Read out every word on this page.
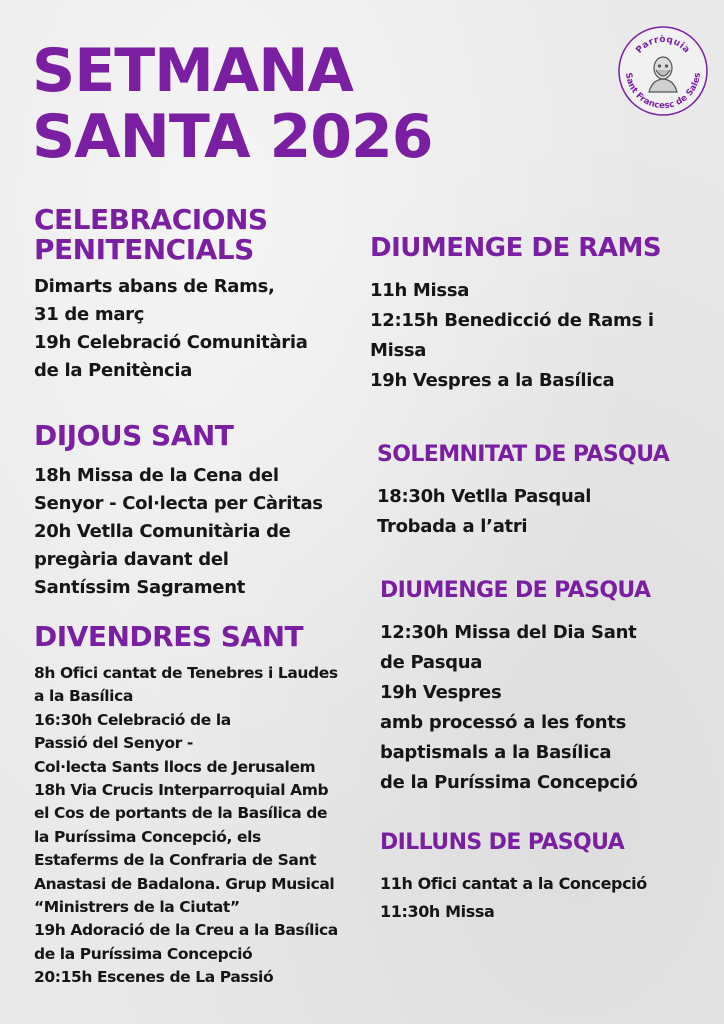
SETMANA
SANTA 2026
Parròquia
Sant Francesc de Sales
CELEBRACIONS
PENITENCIALS

Dimarts abans de Rams,

31 de març

19h Celebració Comunitària

de la Penitència

DIJOUS SANT

18h Missa de la Cena del

Senyor - Col·lecta per Càritas

20h Vetlla Comunitària de

pregària davant del

Santíssim Sagrament

DIVENDRES SANT

8h Ofici cantat de Tenebres i Laudes

a la Basílica

16:30h Celebració de la

Passió del Senyor -

Col·lecta Sants llocs de Jerusalem

18h Via Crucis Interparroquial Amb

el Cos de portants de la Basílica de

la Puríssima Concepció, els

Estaferms de la Confraria de Sant

Anastasi de Badalona. Grup Musical

“Ministrers de la Ciutat”

19h Adoració de la Creu a la Basílica

de la Puríssima Concepció

20:15h Escenes de La Passió

DIUMENGE DE RAMS

11h Missa

12:15h Benedicció de Rams i

Missa

19h Vespres a la Basílica

SOLEMNITAT DE PASQUA

18:30h Vetlla Pasqual

Trobada a l’atri

DIUMENGE DE PASQUA

12:30h Missa del Dia Sant

de Pasqua

19h Vespres

amb processó a les fonts

baptismals a la Basílica

de la Puríssima Concepció

DILLUNS DE PASQUA

11h Ofici cantat a la Concepció

11:30h Missa
